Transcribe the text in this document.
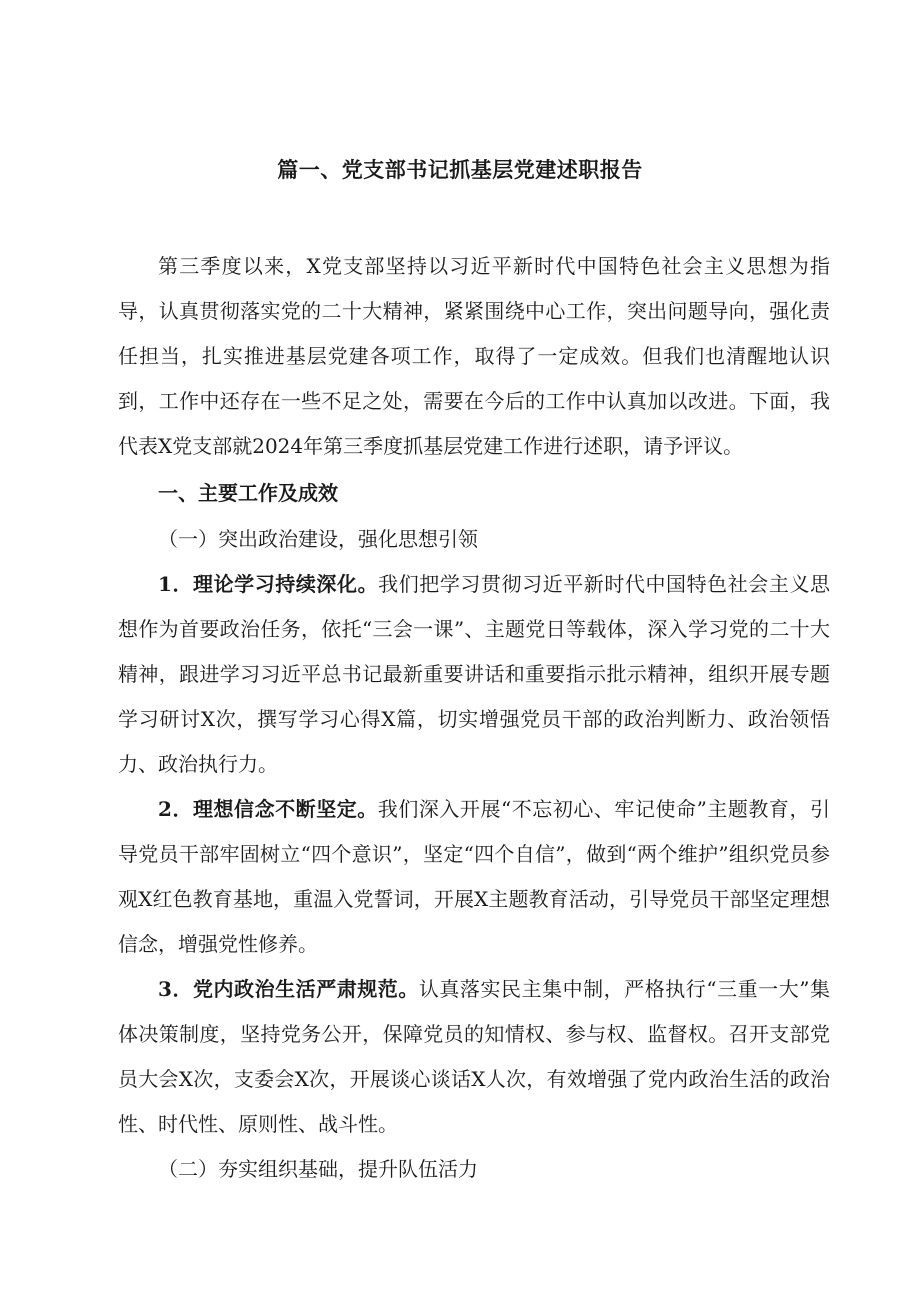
篇一、党支部书记抓基层党建述职报告

第三季度以来，X党支部坚持以习近平新时代中国特色社会主义思想为指导，认真贯彻落实党的二十大精神，紧紧围绕中心工作，突出问题导向，强化责任担当，扎实推进基层党建各项工作，取得了一定成效。但我们也清醒地认识到，工作中还存在一些不足之处，需要在今后的工作中认真加以改进。下面，我代表X党支部就2024年第三季度抓基层党建工作进行述职，请予评议。

一、主要工作及成效

（一）突出政治建设，强化思想引领

1．理论学习持续深化。我们把学习贯彻习近平新时代中国特色社会主义思想作为首要政治任务，依托“三会一课”、主题党日等载体，深入学习党的二十大精神，跟进学习习近平总书记最新重要讲话和重要指示批示精神，组织开展专题学习研讨X次，撰写学习心得X篇，切实增强党员干部的政治判断力、政治领悟力、政治执行力。

2．理想信念不断坚定。我们深入开展“不忘初心、牢记使命”主题教育，引导党员干部牢固树立“四个意识”，坚定“四个自信”，做到“两个维护”组织党员参观X红色教育基地，重温入党誓词，开展X主题教育活动，引导党员干部坚定理想信念，增强党性修养。

3．党内政治生活严肃规范。认真落实民主集中制，严格执行“三重一大”集体决策制度，坚持党务公开，保障党员的知情权、参与权、监督权。召开支部党员大会X次，支委会X次，开展谈心谈话X人次，有效增强了党内政治生活的政治性、时代性、原则性、战斗性。

（二）夯实组织基础，提升队伍活力
